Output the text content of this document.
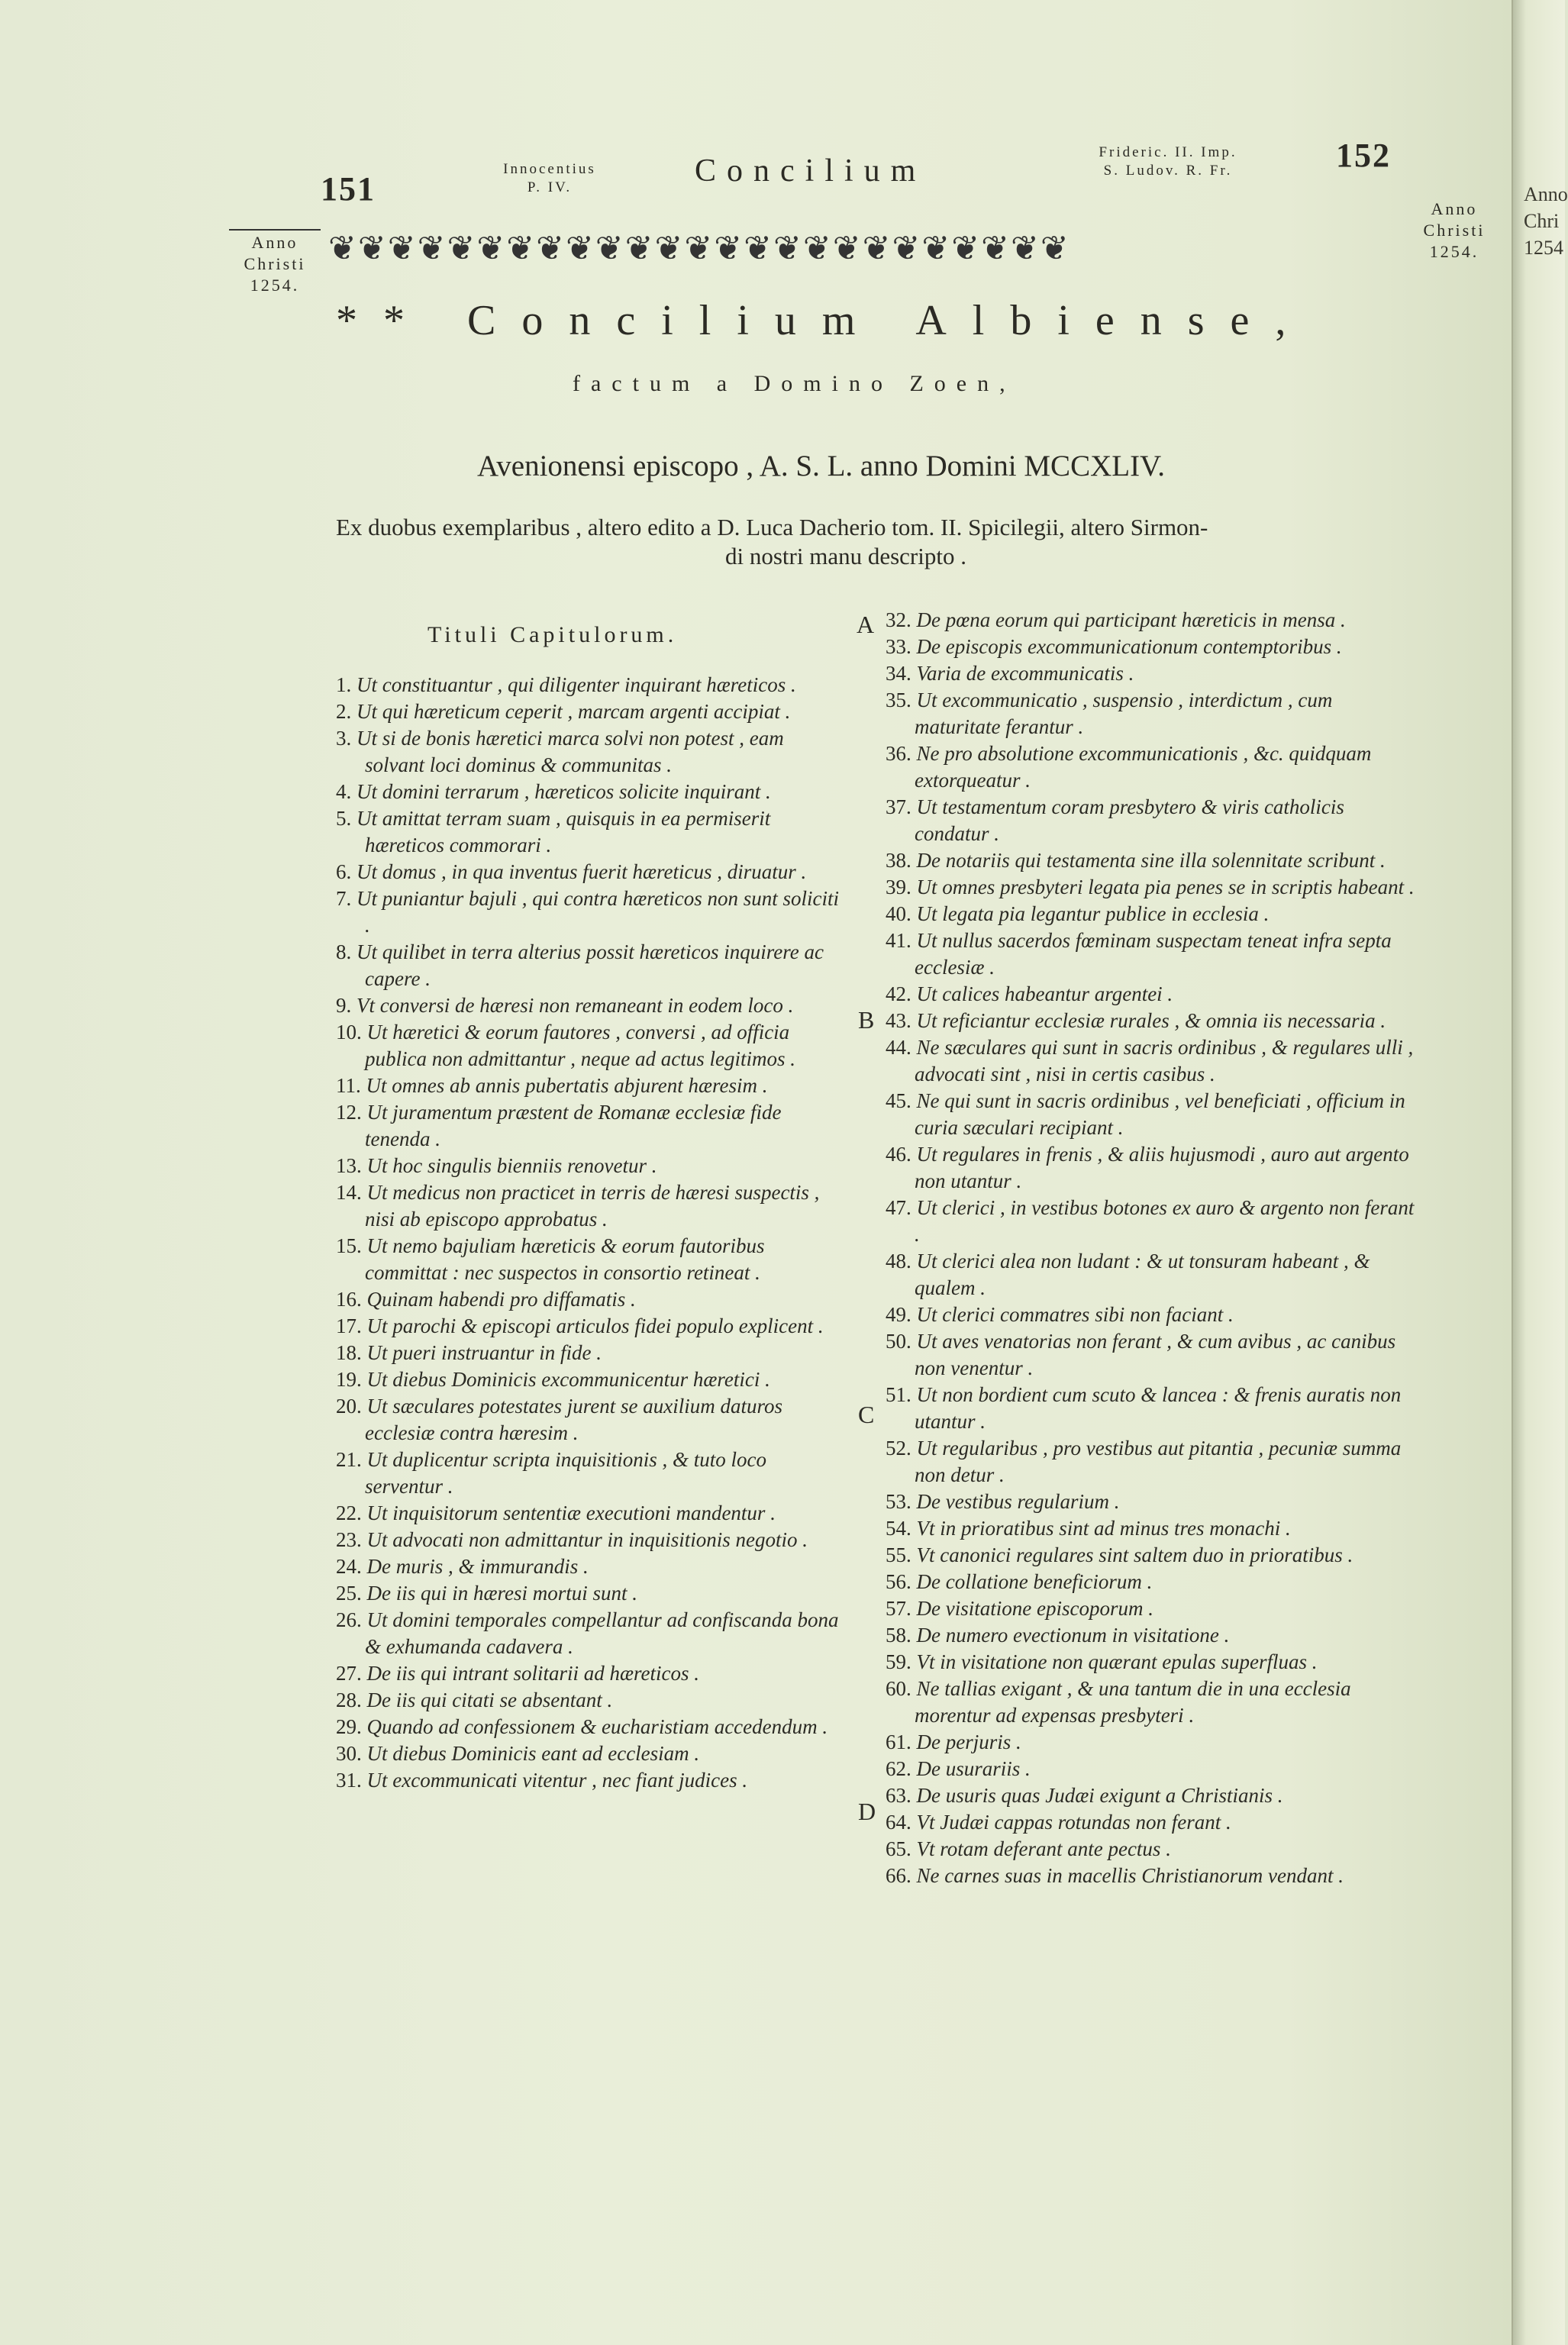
151
Innocentius
P. IV.	Concilium
Frideric. II. Imp.
S. Ludov. R. Fr.	152
Anno
Christi
1254.
Anno
Christi
1254.
❦❦❦❦❦❦❦❦❦❦❦❦❦❦❦❦❦❦❦❦❦❦❦❦❦
** Concilium Albiense,
factum a Domino Zoen,
Avenionensi episcopo , A. S. L. anno Domini MCCXLIV.
Ex duobus exemplaribus , altero edito a D. Luca Dacherio tom. II. Spicilegii, altero Sirmon-
di nostri manu descripto .
Tituli Capitulorum.
1. Ut constituantur , qui diligenter inquirant hæreticos .
2. Ut qui hæreticum ceperit , marcam argenti accipiat .
3. Ut si de bonis hæretici marca solvi non potest , eam solvant loci dominus & communitas .
4. Ut domini terrarum , hæreticos solicite inquirant .
5. Ut amittat terram suam , quisquis in ea permiserit hæreticos commorari .
6. Ut domus , in qua inventus fuerit hæreticus , diruatur .
7. Ut puniantur bajuli , qui contra hæreticos non sunt soliciti .
8. Ut quilibet in terra alterius possit hæreticos inquirere ac capere .
9. Vt conversi de hæresi non remaneant in eodem loco .
10. Ut hæretici & eorum fautores , conversi , ad officia publica non admittantur , neque ad actus legitimos .
11. Ut omnes ab annis pubertatis abjurent hæresim .
12. Ut juramentum præstent de Romanæ ecclesiæ fide tenenda .
13. Ut hoc singulis bienniis renovetur .
14. Ut medicus non practicet in terris de hæresi suspectis , nisi ab episcopo approbatus .
15. Ut nemo bajuliam hæreticis & eorum fautoribus committat : nec suspectos in consortio retineat .
16. Quinam habendi pro diffamatis .
17. Ut parochi & episcopi articulos fidei populo explicent .
18. Ut pueri instruantur in fide .
19. Ut diebus Dominicis excommunicentur hæretici .
20. Ut sæculares potestates jurent se auxilium daturos ecclesiæ contra hæresim .
21. Ut duplicentur scripta inquisitionis , & tuto loco serventur .
22. Ut inquisitorum sententiæ executioni mandentur .
23. Ut advocati non admittantur in inquisitionis negotio .
24. De muris , & immurandis .
25. De iis qui in hæresi mortui sunt .
26. Ut domini temporales compellantur ad confiscanda bona & exhumanda cadavera .
27. De iis qui intrant solitarii ad hæreticos .
28. De iis qui citati se absentant .
29. Quando ad confessionem & eucharistiam accedendum .
30. Ut diebus Dominicis eant ad ecclesiam .
31. Ut excommunicati vitentur , nec fiant judices .
32. De pœna eorum qui participant hæreticis in mensa .
33. De episcopis excommunicationum contemptoribus .
34. Varia de excommunicatis .
35. Ut excommunicatio , suspensio , interdictum , cum maturitate ferantur .
36. Ne pro absolutione excommunicationis , &c. quidquam extorqueatur .
37. Ut testamentum coram presbytero & viris catholicis condatur .
38. De notariis qui testamenta sine illa solennitate scribunt .
39. Ut omnes presbyteri legata pia penes se in scriptis habeant .
40. Ut legata pia legantur publice in ecclesia .
41. Ut nullus sacerdos fœminam suspectam teneat infra septa ecclesiæ .
42. Ut calices habeantur argentei .
43. Ut reficiantur ecclesiæ rurales , & omnia iis necessaria .
44. Ne sæculares qui sunt in sacris ordinibus , & regulares ulli , advocati sint , nisi in certis casibus .
45. Ne qui sunt in sacris ordinibus , vel beneficiati , officium in curia sæculari recipiant .
46. Ut regulares in frenis , & aliis hujusmodi , auro aut argento non utantur .
47. Ut clerici , in vestibus botones ex auro & argento non ferant .
48. Ut clerici alea non ludant : & ut tonsuram habeant , & qualem .
49. Ut clerici commatres sibi non faciant .
50. Ut aves venatorias non ferant , & cum avibus , ac canibus non venentur .
51. Ut non bordient cum scuto & lancea : & frenis auratis non utantur .
52. Ut regularibus , pro vestibus aut pitantia , pecuniæ summa non detur .
53. De vestibus regularium .
54. Vt in prioratibus sint ad minus tres monachi .
55. Vt canonici regulares sint saltem duo in prioratibus .
56. De collatione beneficiorum .
57. De visitatione episcoporum .
58. De numero evectionum in visitatione .
59. Vt in visitatione non quærant epulas superfluas .
60. Ne tallias exigant , & una tantum die in una ecclesia morentur ad expensas presbyteri .
61. De perjuris .
62. De usurariis .
63. De usuris quas Judæi exigunt a Christianis .
64. Vt Judæi cappas rotundas non ferant .
65. Vt rotam deferant ante pectus .
66. Ne carnes suas in macellis Christianorum vendant .
A
B
C
D
Anno
Chri
1254
